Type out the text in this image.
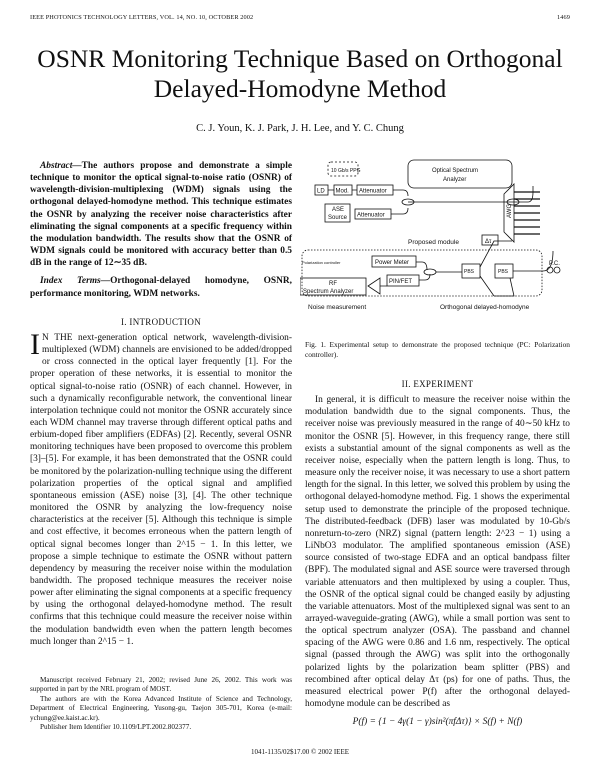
IEEE PHOTONICS TECHNOLOGY LETTERS, VOL. 14, NO. 10, OCTOBER 2002	1469
OSNR Monitoring Technique Based on Orthogonal
Delayed-Homodyne Method
C. J. Youn, K. J. Park, J. H. Lee, and Y. C. Chung

Abstract—The authors propose and demonstrate a simple technique to monitor the optical signal-to-noise ratio (OSNR) of wavelength-division-multiplexing (WDM) signals using the orthogonal delayed-homodyne method. This technique estimates the OSNR by analyzing the receiver noise characteristics after eliminating the signal components at a specific frequency within the modulation bandwidth. The results show that the OSNR of WDM signals could be monitored with accuracy better than 0.5 dB in the range of 12∼35 dB.

Index Terms—Orthogonal-delayed homodyne, OSNR, performance monitoring, WDM networks.

I. INTRODUCTION

I N THE next-generation optical network, wavelength-division-multiplexed (WDM) channels are envisioned to be added/dropped or cross connected in the optical layer frequently [1]. For the proper operation of these networks, it is essential to monitor the optical signal-to-noise ratio (OSNR) of each channel. However, in such a dynamically reconfigurable network, the conventional linear interpolation technique could not monitor the OSNR accurately since each WDM channel may traverse through different optical paths and erbium-doped fiber amplifiers (EDFAs) [2]. Recently, several OSNR monitoring techniques have been proposed to overcome this problem [3]–[5]. For example, it has been demonstrated that the OSNR could be monitored by the polarization-nulling technique using the different polarization properties of the optical signal and amplified spontaneous emission (ASE) noise [3], [4]. The other technique monitored the OSNR by analyzing the low-frequency noise characteristics at the receiver [5]. Although this technique is simple and cost effective, it becomes erroneous when the pattern length of optical signal becomes longer than 2^15 − 1. In this letter, we propose a simple technique to estimate the OSNR without pattern dependency by measuring the receiver noise within the modulation bandwidth. The proposed technique measures the receiver noise power after eliminating the signal components at a specific frequency by using the orthogonal delayed-homodyne method. The result confirms that this technique could measure the receiver noise within the modulation bandwidth even when the pattern length becomes much longer than 2^15 − 1.

Manuscript received February 21, 2002; revised June 26, 2002. This work was supported in part by the NRL program of MOST.

The authors are with the Korea Advanced Institute of Science and Technology, Department of Electrical Engineering, Yusong-gu, Taejon 305-701, Korea (e-mail: ychung@ee.kaist.ac.kr).

Publisher Item Identifier 10.1109/LPT.2002.802377.

10 Gb/s PPG
LD Mod. Attenuator
ASE
Source Attenuator
Optical Spectrum
Analyzer
AWG
Proposed module
Polarization controller	Power Meter
RF
Spectrum Analyzer
PIN/FET
PBS	PBS
P.C.
Noise measurement	Orthogonal delayed-homodyne
Δτ
Fig. 1. Experimental setup to demonstrate the proposed technique (PC: Polarization controller).
II. EXPERIMENT

In general, it is difficult to measure the receiver noise within the modulation bandwidth due to the signal components. Thus, the receiver noise was previously measured in the range of 40∼50 kHz to monitor the OSNR [5]. However, in this frequency range, there still exists a substantial amount of the signal components as well as the receiver noise, especially when the pattern length is long. Thus, to measure only the receiver noise, it was necessary to use a short pattern length for the signal. In this letter, we solved this problem by using the orthogonal delayed-homodyne method. Fig. 1 shows the experimental setup used to demonstrate the principle of the proposed technique. The distributed-feedback (DFB) laser was modulated by 10-Gb/s nonreturn-to-zero (NRZ) signal (pattern length: 2^23 − 1) using a LiNbO3 modulator. The amplified spontaneous emission (ASE) source consisted of two-stage EDFA and an optical bandpass filter (BPF). The modulated signal and ASE source were traversed through variable attenuators and then multiplexed by using a coupler. Thus, the OSNR of the optical signal could be changed easily by adjusting the variable attenuators. Most of the multiplexed signal was sent to an arrayed-waveguide-grating (AWG), while a small portion was sent to the optical spectrum analyzer (OSA). The passband and channel spacing of the AWG were 0.86 and 1.6 nm, respectively. The optical signal (passed through the AWG) was split into the orthogonally polarized lights by the polarization beam splitter (PBS) and recombined after optical delay Δτ (ps) for one of paths. Thus, the measured electrical power P(f) after the orthogonal delayed-homodyne module can be described as

P(f) = {1 − 4γ(1 − γ)sin²(πfΔτ)} × S(f) + N(f)
1041-1135/02$17.00 © 2002 IEEE
